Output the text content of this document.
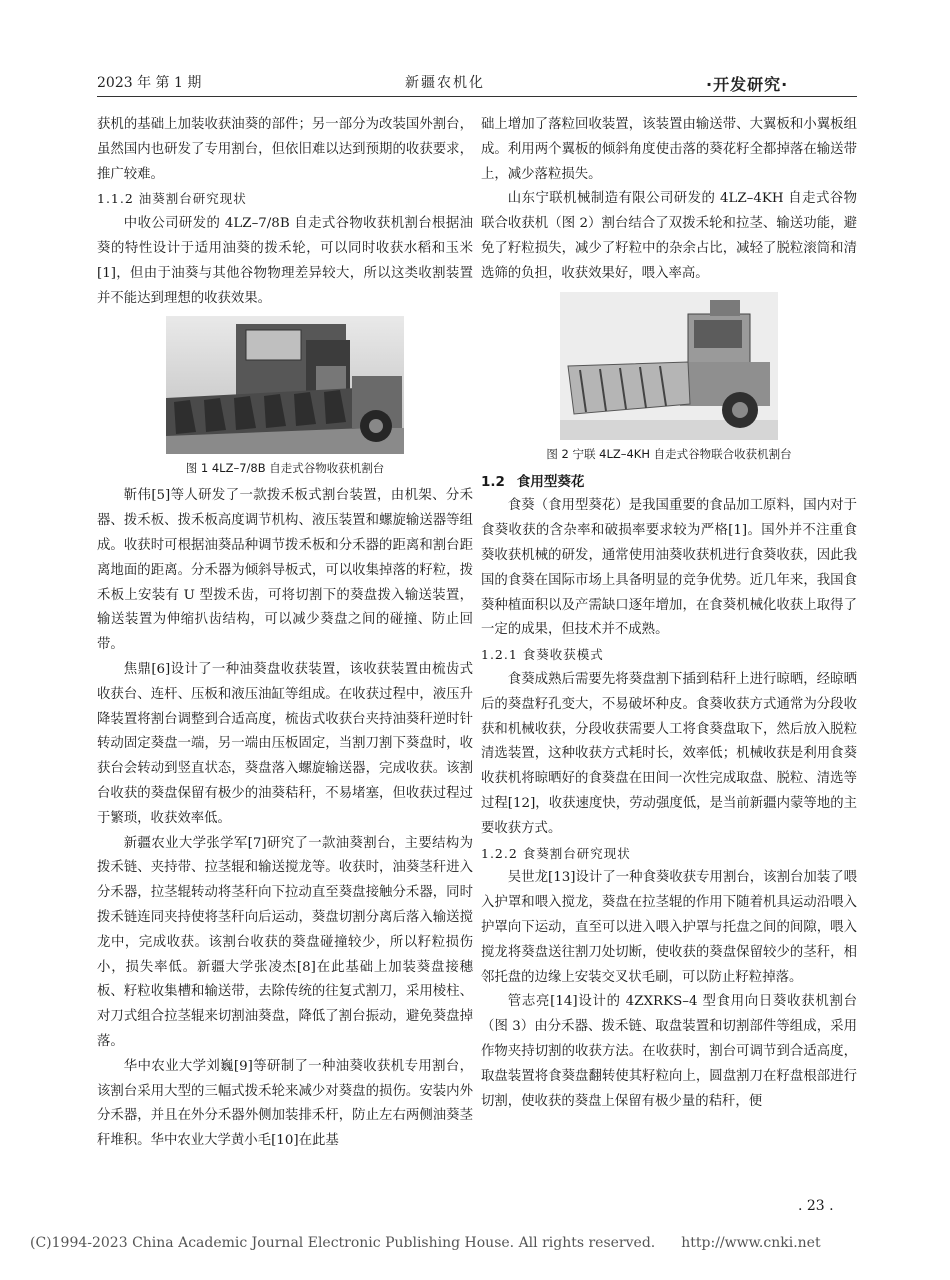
2023 年 第 1 期	新疆农机化	·开发研究·

获机的基础上加装收获油葵的部件；另一部分为改装国外割台，虽然国内也研发了专用割台，但依旧难以达到预期的收获要求，推广较难。

1.1.2 油葵割台研究现状

中收公司研发的 4LZ–7/8B 自走式谷物收获机割台根据油葵的特性设计于适用油葵的拨禾轮，可以同时收获水稻和玉米[1]，但由于油葵与其他谷物物理差异较大，所以这类收割装置并不能达到理想的收获效果。

图 1 4LZ–7/8B 自走式谷物收获机割台

靳伟[5]等人研发了一款拨禾板式割台装置，由机架、分禾器、拨禾板、拨禾板高度调节机构、液压装置和螺旋输送器等组成。收获时可根据油葵品种调节拨禾板和分禾器的距离和割台距离地面的距离。分禾器为倾斜导板式，可以收集掉落的籽粒，拨禾板上安装有 U 型拨禾齿，可将切割下的葵盘拨入输送装置，输送装置为伸缩扒齿结构，可以减少葵盘之间的碰撞、防止回带。

焦鼎[6]设计了一种油葵盘收获装置，该收获装置由梳齿式收获台、连杆、压板和液压油缸等组成。在收获过程中，液压升降装置将割台调整到合适高度，梳齿式收获台夹持油葵秆逆时针转动固定葵盘一端，另一端由压板固定，当割刀割下葵盘时，收获台会转动到竖直状态，葵盘落入螺旋输送器，完成收获。该割台收获的葵盘保留有极少的油葵秸秆，不易堵塞，但收获过程过于繁琐，收获效率低。

新疆农业大学张学军[7]研究了一款油葵割台，主要结构为拨禾链、夹持带、拉茎辊和输送搅龙等。收获时，油葵茎秆进入分禾器，拉茎辊转动将茎秆向下拉动直至葵盘接触分禾器，同时拨禾链连同夹持使将茎秆向后运动，葵盘切割分离后落入输送搅龙中，完成收获。该割台收获的葵盘碰撞较少，所以籽粒损伤小，损失率低。新疆大学张凌杰[8]在此基础上加装葵盘接穗板、籽粒收集槽和输送带，去除传统的往复式割刀，采用棱柱、对刀式组合拉茎辊来切割油葵盘，降低了割台振动，避免葵盘掉落。

华中农业大学刘巍[9]等研制了一种油葵收获机专用割台，该割台采用大型的三幅式拨禾轮来减少对葵盘的损伤。安装内外分禾器，并且在外分禾器外侧加装排禾杆，防止左右两侧油葵茎秆堆积。华中农业大学黄小毛[10]在此基

础上增加了落粒回收装置，该装置由输送带、大翼板和小翼板组成。利用两个翼板的倾斜角度使击落的葵花籽全都掉落在输送带上，减少落粒损失。

山东宁联机械制造有限公司研发的 4LZ–4KH 自走式谷物联合收获机（图 2）割台结合了双拨禾轮和拉茎、输送功能，避免了籽粒损失，减少了籽粒中的杂余占比，减轻了脱粒滚筒和清选筛的负担，收获效果好，喂入率高。

图 2 宁联 4LZ–4KH 自走式谷物联合收获机割台

1.2 食用型葵花

食葵（食用型葵花）是我国重要的食品加工原料，国内对于食葵收获的含杂率和破损率要求较为严格[1]。国外并不注重食葵收获机械的研发，通常使用油葵收获机进行食葵收获，因此我国的食葵在国际市场上具备明显的竞争优势。近几年来，我国食葵种植面积以及产需缺口逐年增加，在食葵机械化收获上取得了一定的成果，但技术并不成熟。

1.2.1 食葵收获模式

食葵成熟后需要先将葵盘割下插到秸秆上进行晾晒，经晾晒后的葵盘籽孔变大，不易破坏种皮。食葵收获方式通常为分段收获和机械收获，分段收获需要人工将食葵盘取下，然后放入脱粒清选装置，这种收获方式耗时长，效率低；机械收获是利用食葵收获机将晾晒好的食葵盘在田间一次性完成取盘、脱粒、清选等过程[12]，收获速度快，劳动强度低，是当前新疆内蒙等地的主要收获方式。

1.2.2 食葵割台研究现状

吴世龙[13]设计了一种食葵收获专用割台，该割台加装了喂入护罩和喂入搅龙，葵盘在拉茎辊的作用下随着机具运动沿喂入护罩向下运动，直至可以进入喂入护罩与托盘之间的间隙，喂入搅龙将葵盘送往割刀处切断，使收获的葵盘保留较少的茎秆，相邻托盘的边缘上安装交叉状毛刷，可以防止籽粒掉落。

管志亮[14]设计的 4ZXRKS–4 型食用向日葵收获机割台（图 3）由分禾器、拨禾链、取盘装置和切割部件等组成，采用作物夹持切割的收获方法。在收获时，割台可调节到合适高度，取盘装置将食葵盘翻转使其籽粒向上，圆盘割刀在籽盘根部进行切割，使收获的葵盘上保留有极少量的秸秆，便

. 23 .
(C)1994-2023 China Academic Journal Electronic Publishing House. All rights reserved. http://www.cnki.net
